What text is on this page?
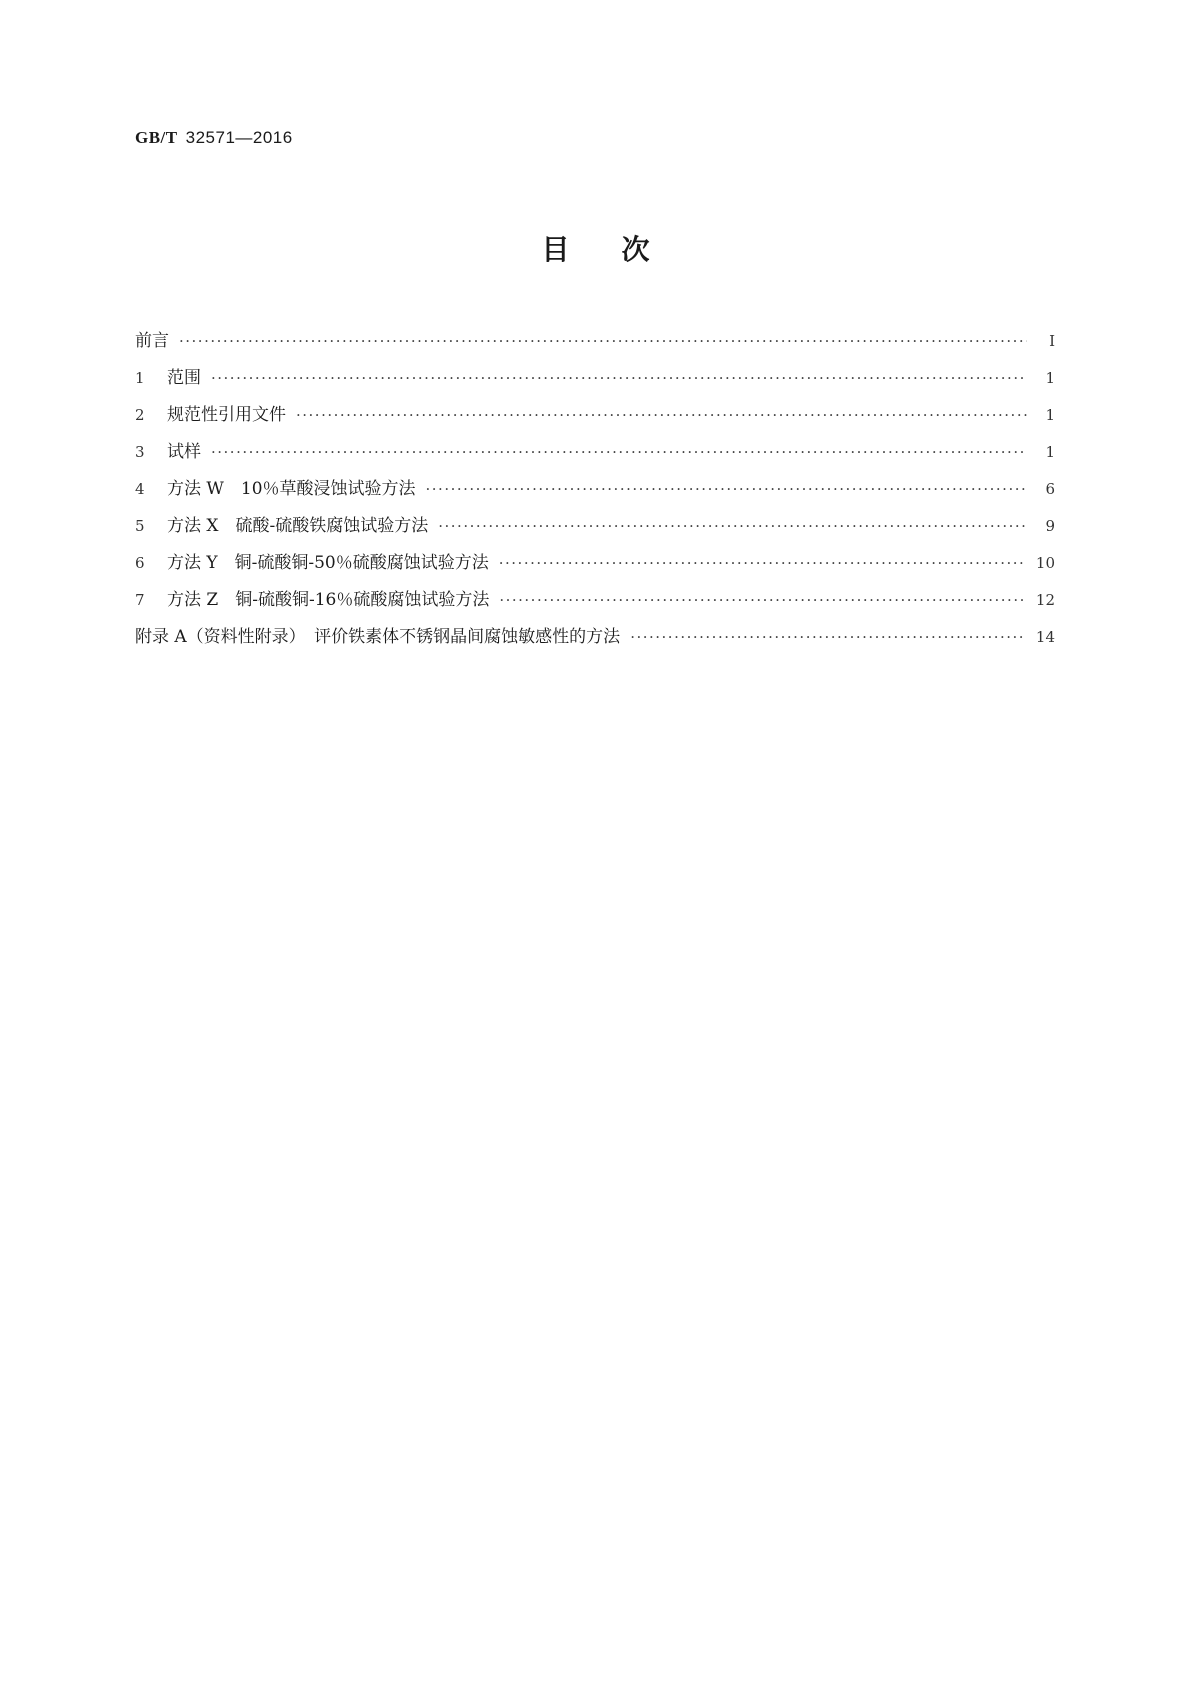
GB/T 32571—2016
目次
前言 ·····	Ⅰ
1	范围 ·····	1
2	规范性引用文件 ·····	1
3	试样 ·····	1
4	方法 W　10％草酸浸蚀试验方法 ·····	6
5	方法 X　硫酸-硫酸铁腐蚀试验方法 ·····	9
6	方法 Y　铜-硫酸铜-50％硫酸腐蚀试验方法 ·····	10
7	方法 Z　铜-硫酸铜-16％硫酸腐蚀试验方法 ·····	12
附录 A（资料性附录）　评价铁素体不锈钢晶间腐蚀敏感性的方法 ·····	14
